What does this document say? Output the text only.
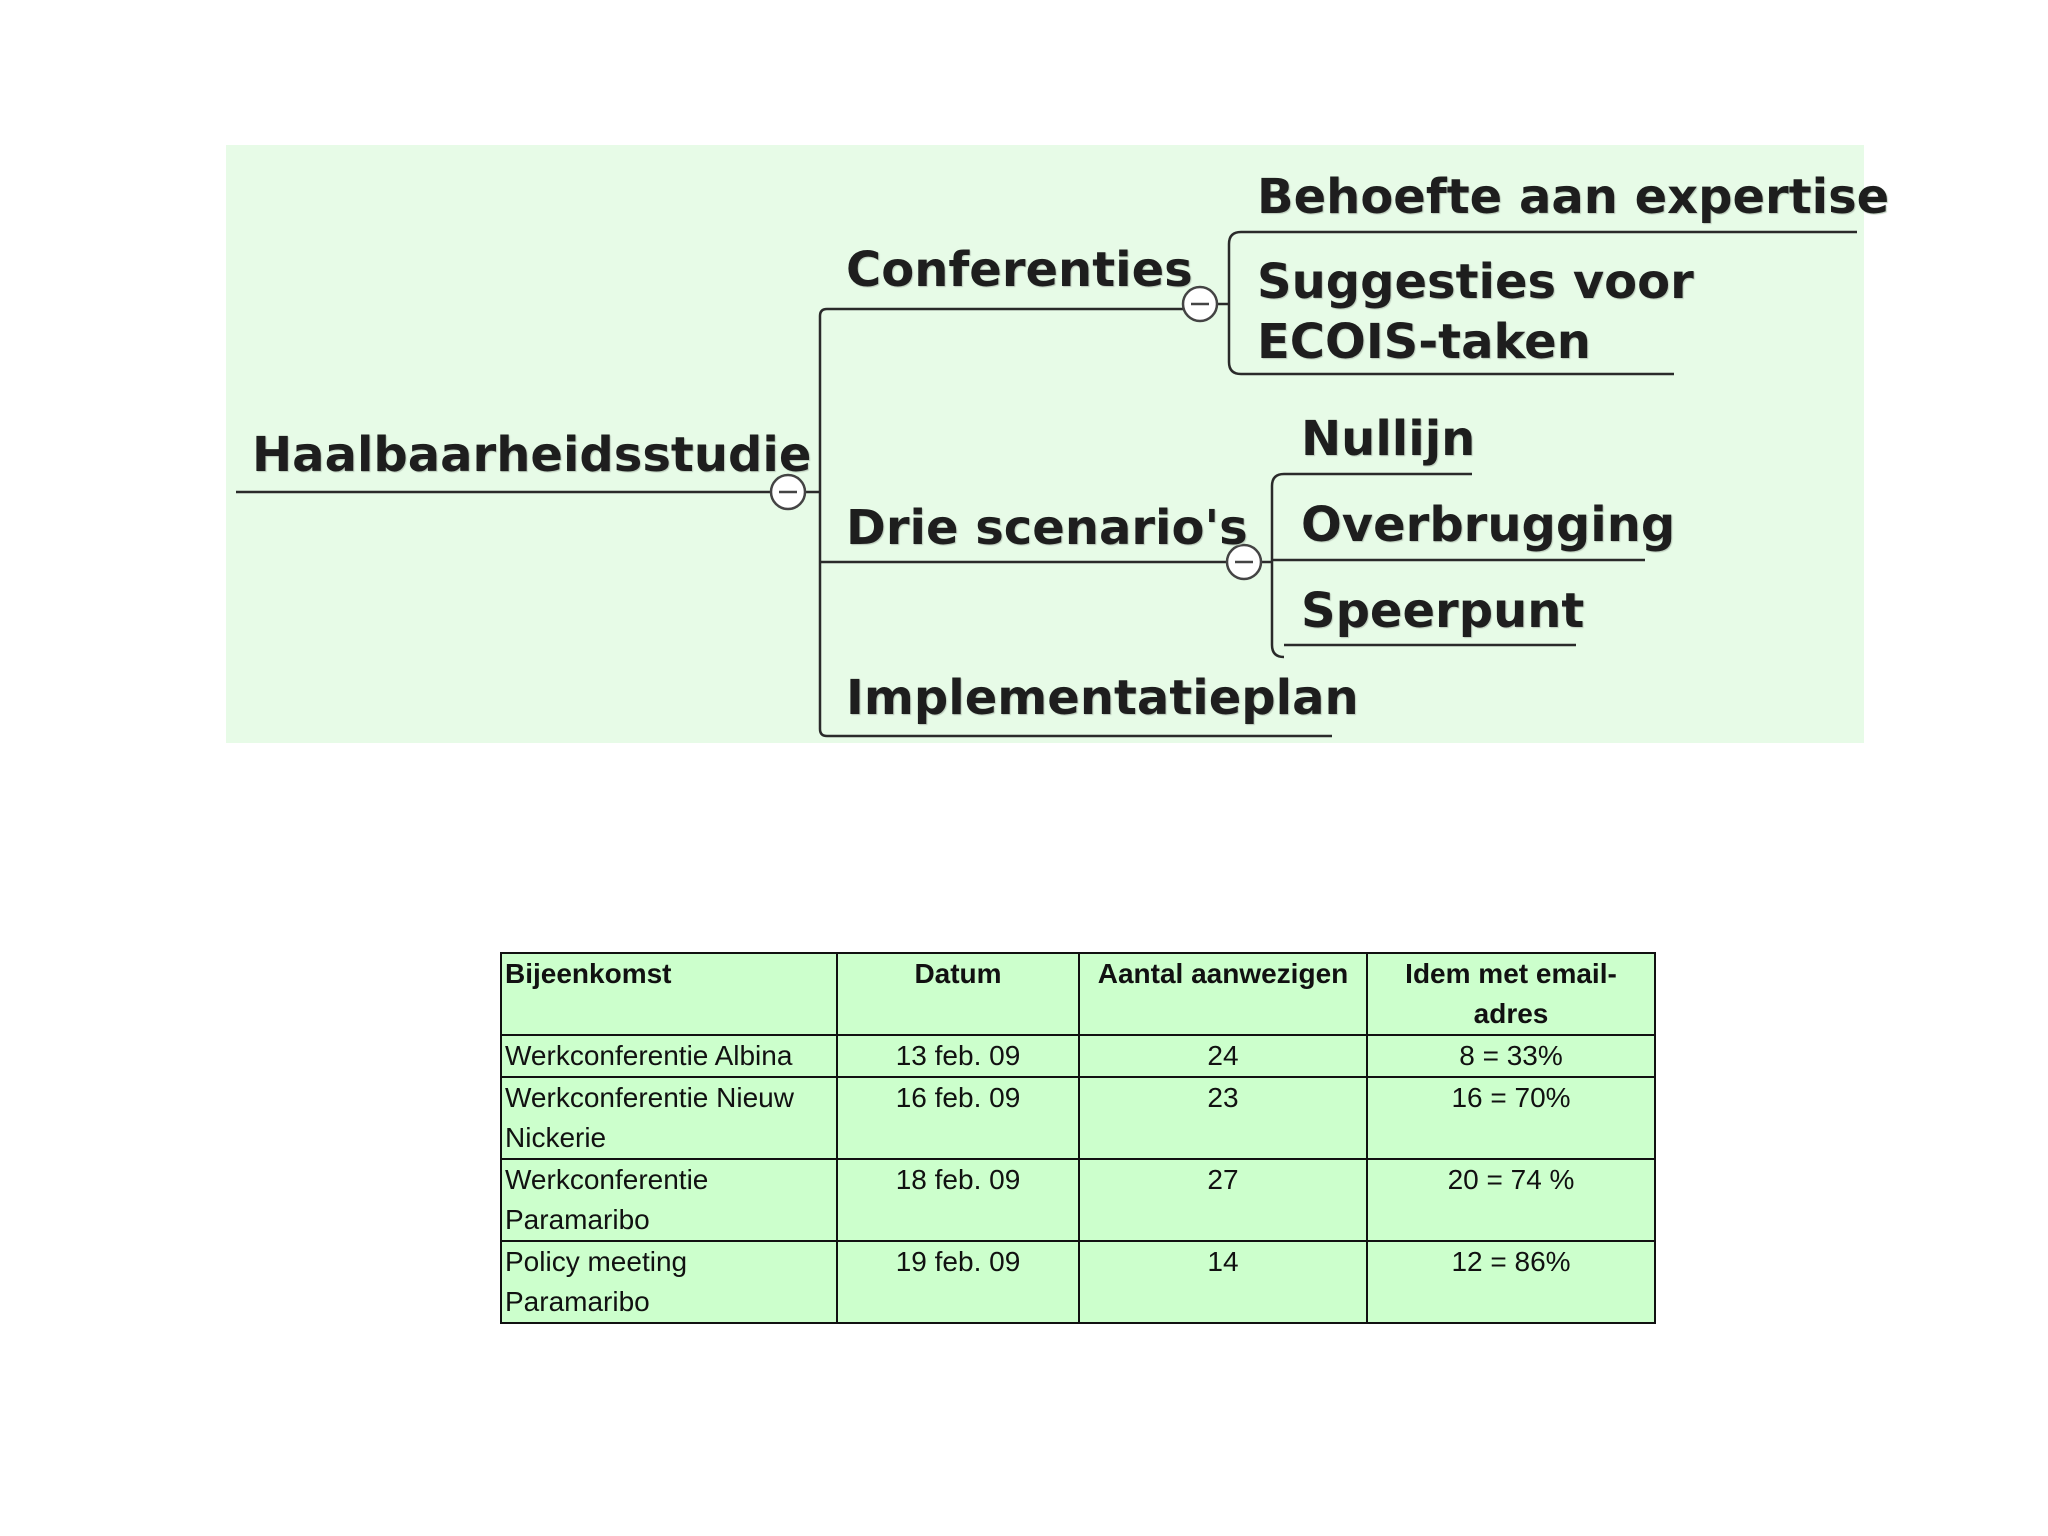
Haalbaarheidsstudie
Conferenties
Drie scenario's
Implementatieplan
Behoefte aan expertise
Suggesties voor
ECOIS-taken
Nullijn
Overbrugging
Speerpunt
Bijeenkomst	Datum	Aantal aanwezigen	Idem met email-adres
Werkconferentie Albina	13 feb. 09	24	8 = 33%
Werkconferentie Nieuw Nickerie	16 feb. 09	23	16 = 70%
Werkconferentie Paramaribo	18 feb. 09	27	20 = 74 %
Policy meeting Paramaribo	19 feb. 09	14	12 = 86%
